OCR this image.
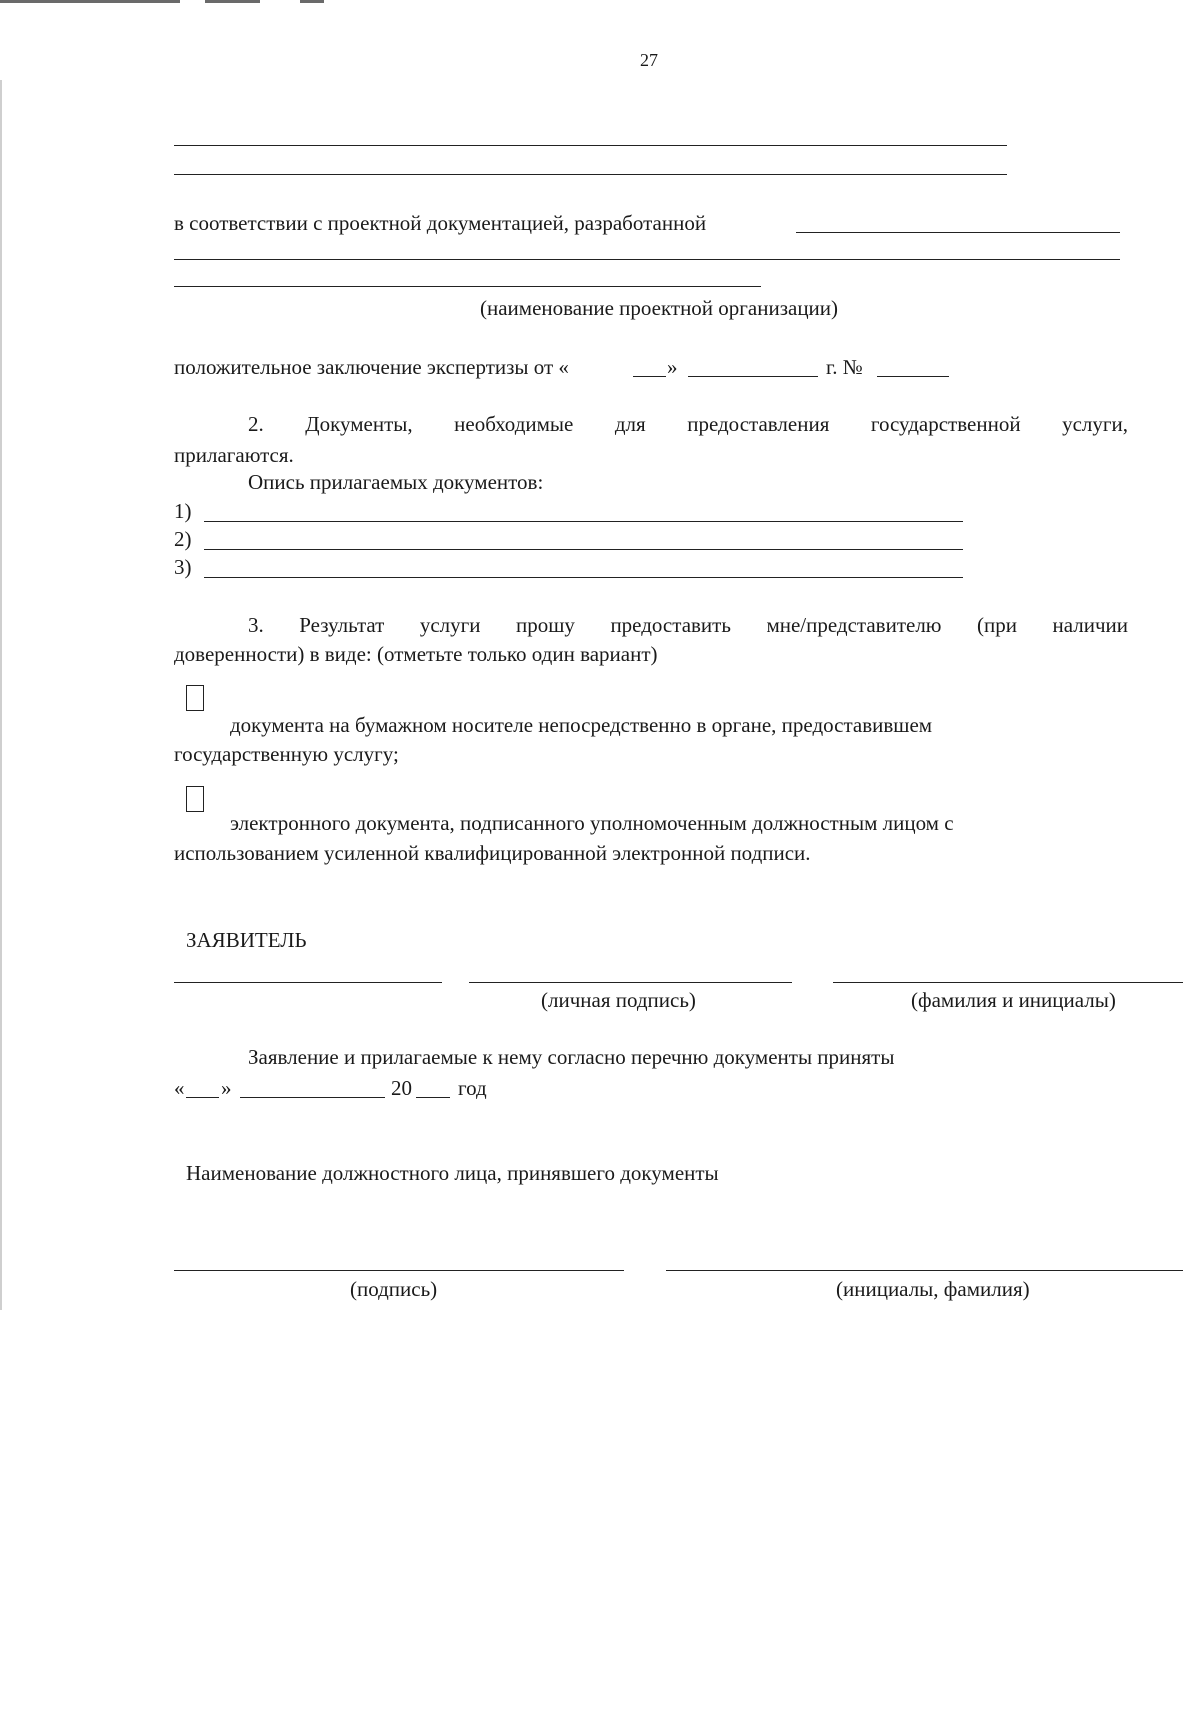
27
в соответствии с проектной документацией, разработанной
(наименование проектной организации)
положительное заключение экспертизы от «	»	г. №
2. Документы, необходимые для предоставления государственной услуги,
прилагаются.
Опись прилагаемых документов:
1)
2)
3)
3. Результат услуги прошу предоставить мне/представителю (при наличии
доверенности) в виде: (отметьте только один вариант)
документа на бумажном носителе непосредственно в органе, предоставившем
государственную услугу;
электронного документа, подписанного уполномоченным должностным лицом с
использованием усиленной квалифицированной электронной подписи.
ЗАЯВИТЕЛЬ
(личная подпись)	(фамилия и инициалы)
Заявление и прилагаемые к нему согласно перечню документы приняты
« »	20 год
Наименование должностного лица, принявшего документы
(подпись)	(инициалы, фамилия)
